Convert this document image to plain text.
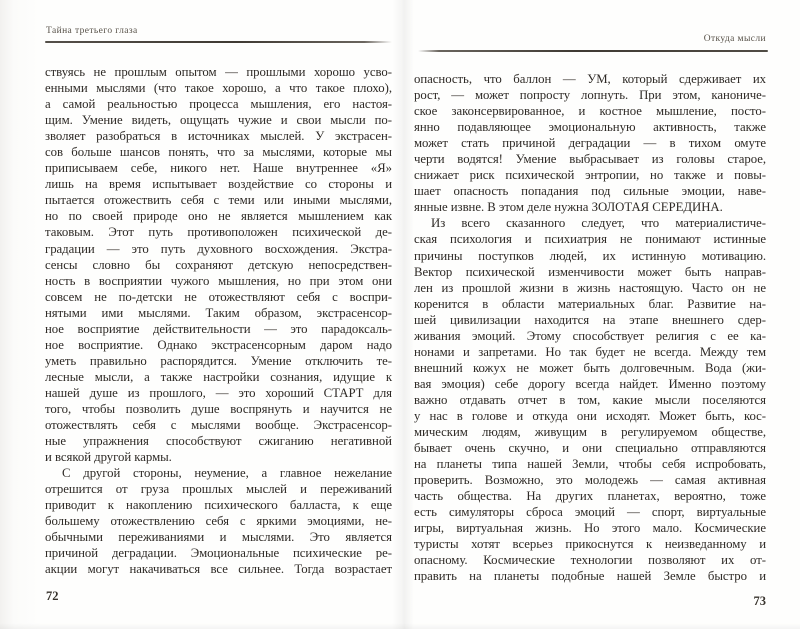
Тайна третьего глаза
ствуясь не прошлым опытом — прошлыми хорошо усво-
енными мыслями (что такое хорошо, а что такое плохо),
а самой реальностью процесса мышления, его настоя-
щим. Умение видеть, ощущать чужие и свои мысли по-
зволяет разобраться в источниках мыслей. У экстрасен-
сов больше шансов понять, что за мыслями, которые мы
приписываем себе, никого нет. Наше внутреннее «Я»
лишь на время испытывает воздействие со стороны и
пытается отожествить себя с теми или иными мыслями,
но по своей природе оно не является мышлением как
таковым. Этот путь противоположен психической де-
градации — это путь духовного восхождения. Экстра-
сенсы словно бы сохраняют детскую непосредствен-
ность в восприятии чужого мышления, но при этом они
совсем не по-детски не отожествляют себя с воспри-
нятыми ими мыслями. Таким образом, экстрасенсор-
ное восприятие действительности — это парадоксаль-
ное восприятие. Однако экстрасенсорным даром надо
уметь правильно распорядится. Умение отключить те-
лесные мысли, а также настройки сознания, идущие к
нашей душе из прошлого, — это хороший СТАРТ для
того, чтобы позволить душе воспрянуть и научится не
отожествлять себя с мыслями вообще. Экстрасенсор-
ные упражнения способствуют сжиганию негативной
и всякой другой кармы.
С другой стороны, неумение, а главное нежелание
отрешится от груза прошлых мыслей и переживаний
приводит к накоплению психического балласта, к еще
большему отожествлению себя с яркими эмоциями, не-
обычными переживаниями и мыслями. Это является
причиной деградации. Эмоциональные психические ре-
акции могут накачиваться все сильнее. Тогда возрастает
72
Откуда мысли
опасность, что баллон — УМ, который сдерживает их
рост, — может попросту лопнуть. При этом, канониче-
ское законсервированное, и костное мышление, посто-
янно подавляющее эмоциональную активность, также
может стать причиной деградации — в тихом омуте
черти водятся! Умение выбрасывает из головы старое,
снижает риск психической энтропии, но также и повы-
шает опасность попадания под сильные эмоции, наве-
янные извне. В этом деле нужна ЗОЛОТАЯ СЕРЕДИНА.
Из всего сказанного следует, что материалистиче-
ская психология и психиатрия не понимают истинные
причины поступков людей, их истинную мотивацию.
Вектор психической изменчивости может быть направ-
лен из прошлой жизни в жизнь настоящую. Часто он не
коренится в области материальных благ. Развитие на-
шей цивилизации находится на этапе внешнего сдер-
живания эмоций. Этому способствует религия с ее ка-
нонами и запретами. Но так будет не всегда. Между тем
внешний кожух не может быть долговечным. Вода (жи-
вая эмоция) себе дорогу всегда найдет. Именно поэтому
важно отдавать отчет в том, какие мысли поселяются
у нас в голове и откуда они исходят. Может быть, кос-
мическим людям, живущим в регулируемом обществе,
бывает очень скучно, и они специально отправляются
на планеты типа нашей Земли, чтобы себя испробовать,
проверить. Возможно, это молодежь — самая активная
часть общества. На других планетах, вероятно, тоже
есть симуляторы сброса эмоций — спорт, виртуальные
игры, виртуальная жизнь. Но этого мало. Космические
туристы хотят всерьез прикоснутся к неизведанному и
опасному. Космические технологии позволяют их от-
править на планеты подобные нашей Земле быстро и
73
